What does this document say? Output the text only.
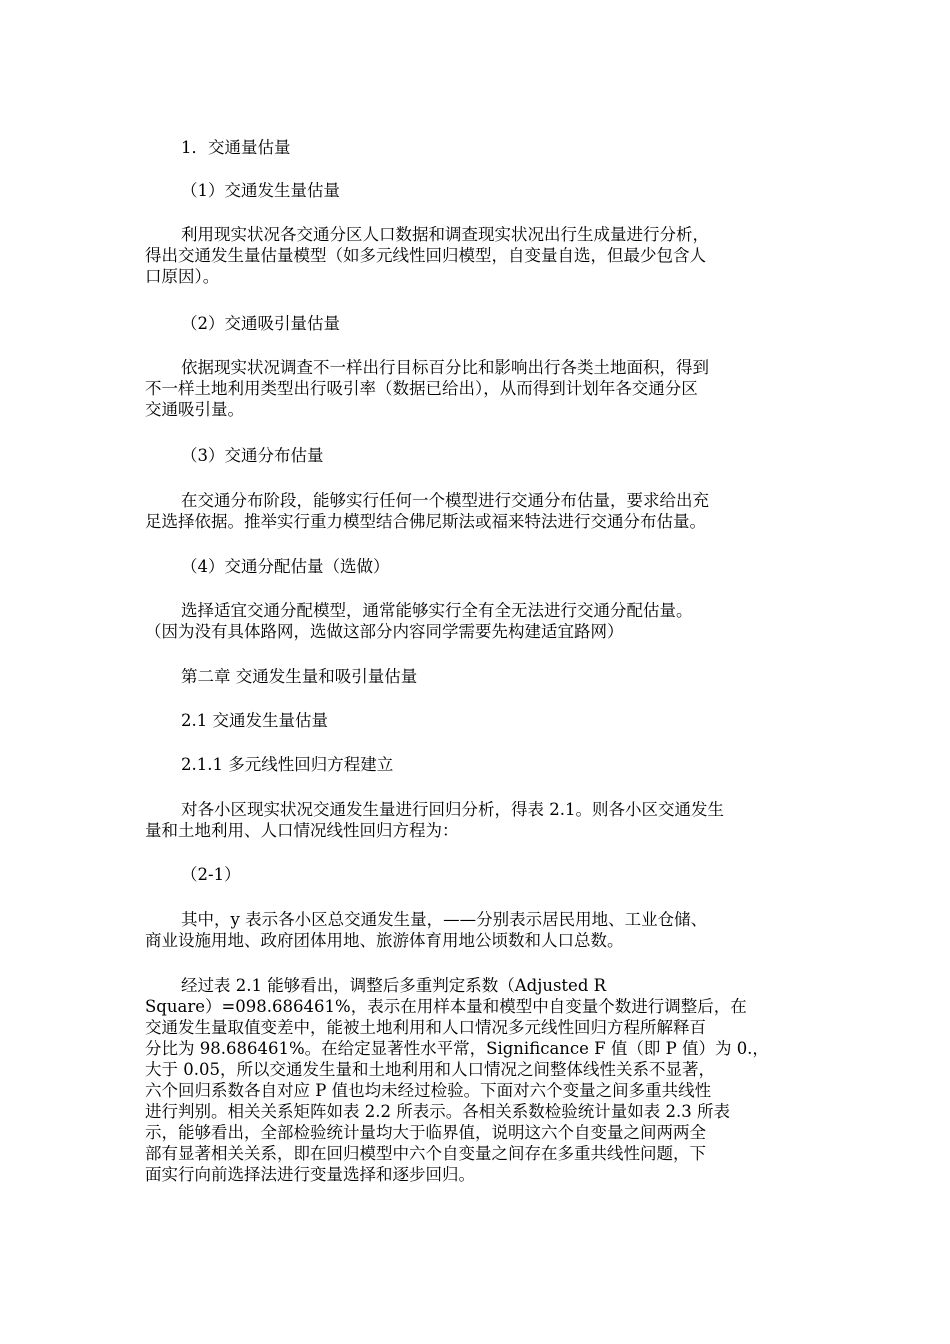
1．交通量估量
（1）交通发生量估量
利用现实状况各交通分区人口数据和调查现实状况出行生成量进行分析，
得出交通发生量估量模型（如多元线性回归模型，自变量自选，但最少包含人
口原因）。
（2）交通吸引量估量
依据现实状况调查不一样出行目标百分比和影响出行各类土地面积，得到
不一样土地利用类型出行吸引率（数据已给出），从而得到计划年各交通分区
交通吸引量。
（3）交通分布估量
在交通分布阶段，能够实行任何一个模型进行交通分布估量，要求给出充
足选择依据。推举实行重力模型结合佛尼斯法或福来特法进行交通分布估量。
（4）交通分配估量（选做）
选择适宜交通分配模型，通常能够实行全有全无法进行交通分配估量。
（因为没有具体路网，选做这部分内容同学需要先构建适宜路网）
第二章 交通发生量和吸引量估量
2.1 交通发生量估量
2.1.1 多元线性回归方程建立
对各小区现实状况交通发生量进行回归分析，得表 2.1。则各小区交通发生
量和土地利用、人口情况线性回归方程为：
（2-1）
其中，y 表示各小区总交通发生量，——分别表示居民用地、工业仓储、
商业设施用地、政府团体用地、旅游体育用地公顷数和人口总数。
经过表 2.1 能够看出，调整后多重判定系数（Adjusted R
Square）=098.686461%，表示在用样本量和模型中自变量个数进行调整后，在
交通发生量取值变差中，能被土地利用和人口情况多元线性回归方程所解释百
分比为 98.686461%。在给定显著性水平常，Significance F 值（即 P 值）为 0.，
大于 0.05，所以交通发生量和土地利用和人口情况之间整体线性关系不显著，
六个回归系数各自对应 P 值也均未经过检验。下面对六个变量之间多重共线性
进行判别。相关关系矩阵如表 2.2 所表示。各相关系数检验统计量如表 2.3 所表
示，能够看出，全部检验统计量均大于临界值，说明这六个自变量之间两两全
部有显著相关关系，即在回归模型中六个自变量之间存在多重共线性问题，下
面实行向前选择法进行变量选择和逐步回归。
